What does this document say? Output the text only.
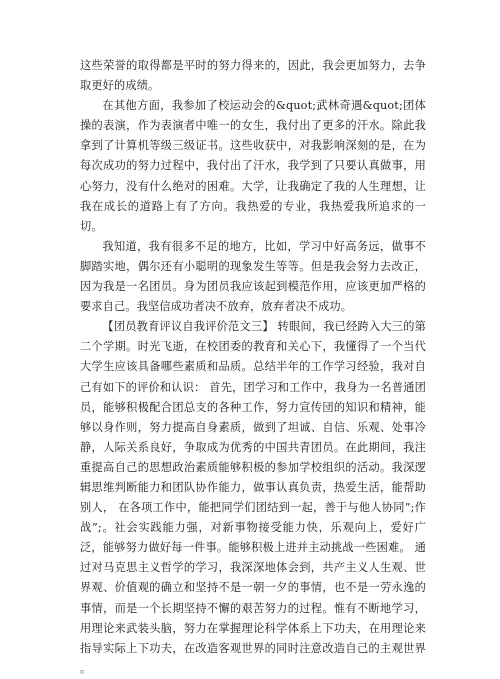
这些荣誉的取得都是平时的努力得来的，因此，我会更加努力，去争取更好的成绩。

在其他方面，我参加了校运动会的&quot;武林奇遇&quot;团体操的表演，作为表演者中唯一的女生，我付出了更多的汗水。除此我拿到了计算机等级三级证书。这些收获中，对我影响深刻的是，在为每次成功的努力过程中，我付出了汗水，我学到了只要认真做事，用心努力，没有什么绝对的困难。大学，让我确定了我的人生理想，让我在成长的道路上有了方向。我热爱的专业，我热爱我所追求的一切。

我知道，我有很多不足的地方，比如，学习中好高务远，做事不脚踏实地，偶尔还有小聪明的现象发生等等。但是我会努力去改正，因为我是一名团员。身为团员我应该起到模范作用，应该更加严格的要求自己。我坚信成功者决不放弃，放弃者决不成功。

【团员教育评议自我评价范文三】 转眼间，我已经跨入大三的第二个学期。时光飞逝，在校团委的教育和关心下，我懂得了一个当代大学生应该具备哪些素质和品质。总结半年的工作学习经验，我对自己有如下的评价和认识： 首先，团学习和工作中，我身为一名普通团员，能够积极配合团总支的各种工作，努力宣传団的知识和精神，能够以身作则，努力提高自身素质，做到了坦诚、自信、乐观、处事冷静，人际关系良好，争取成为优秀的中国共青团员。在此期间，我注重提高自己的思想政治素质能够积极的参加学校组织的活动。我深逻辑思维判断能力和团队协作能力，做事认真负责，热爱生活，能帮助别人， 在各项工作中，能把同学们团结到一起，善于与他人协同”;作战”;。社会实践能力强，对新事物接受能力快，乐观向上，爱好广泛，能够努力做好每一件事。能够积极上进并主动挑战一些困难。 通过对马克思主义哲学的学习，我深深地体会到，共产主义人生观、世界观、价值观的确立和坚持不是一朝一夕的事情，也不是一劳永逸的事情，而是一个长期坚持不懈的艰苦努力的过程。惟有不断地学习，用理论来武装头脑，努力在掌握理论科学体系上下功夫，在用理论来指导实际上下功夫，在改造客观世界的同时注意改造自己的主观世界 。
